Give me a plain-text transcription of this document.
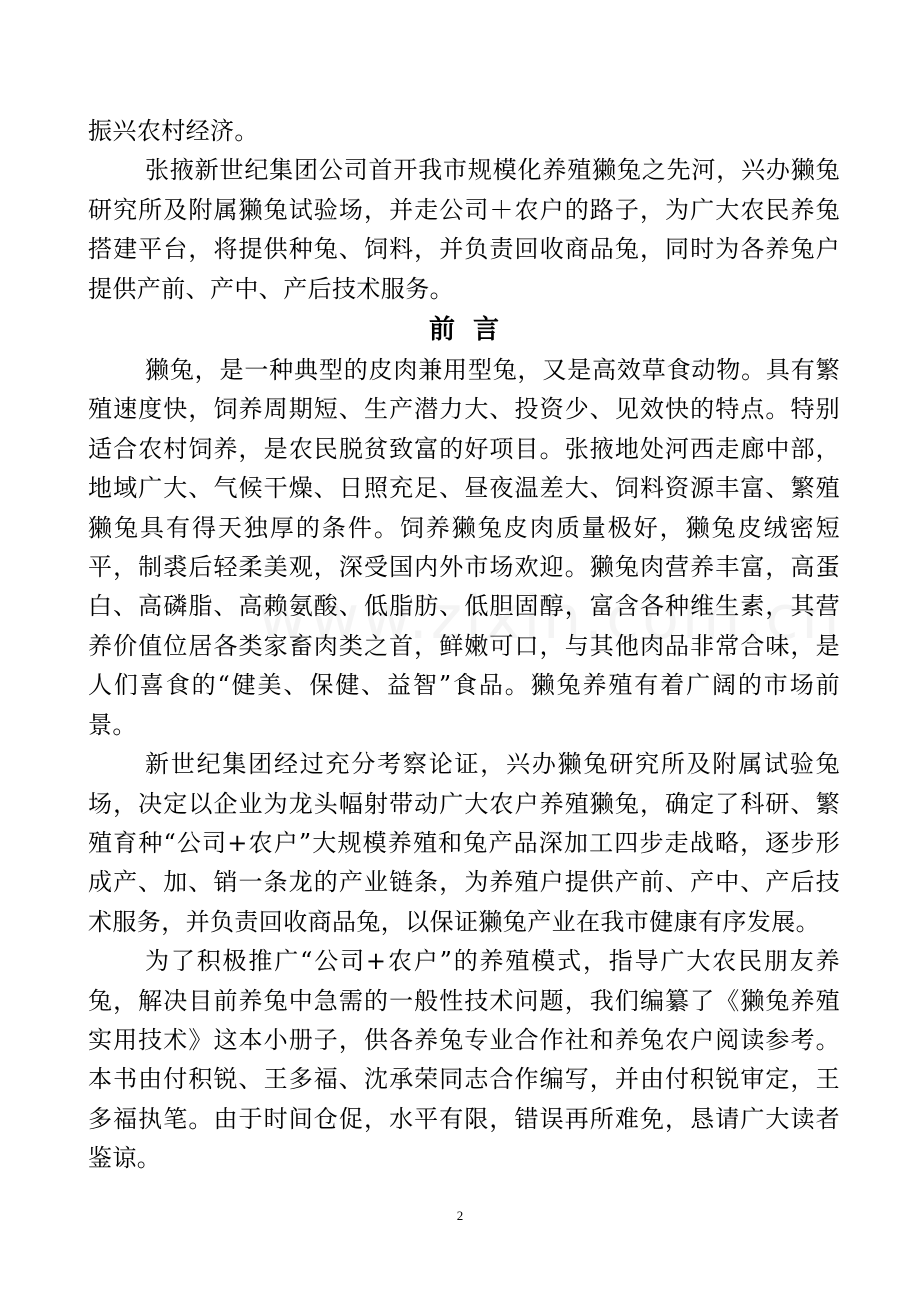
振兴农村经济。

张掖新世纪集团公司首开我市规模化养殖獭兔之先河，兴办獭兔研究所及附属獭兔试验场，并走公司＋农户的路子，为广大农民养兔搭建平台，将提供种兔、饲料，并负责回收商品兔，同时为各养兔户提供产前、产中、产后技术服务。

前言

獭兔，是一种典型的皮肉兼用型兔，又是高效草食动物。具有繁殖速度快，饲养周期短、生产潜力大、投资少、见效快的特点。特别适合农村饲养，是农民脱贫致富的好项目。张掖地处河西走廊中部，地域广大、气候干燥、日照充足、昼夜温差大、饲料资源丰富、繁殖獭兔具有得天独厚的条件。饲养獭兔皮肉质量极好，獭兔皮绒密短平，制裘后轻柔美观，深受国内外市场欢迎。獭兔肉营养丰富，高蛋白、高磷脂、高赖氨酸、低脂肪、低胆固醇，富含各种维生素，其营养价值位居各类家畜肉类之首，鲜嫩可口，与其他肉品非常合味，是人们喜食的“健美、保健、益智”食品。獭兔养殖有着广阔的市场前景。

新世纪集团经过充分考察论证，兴办獭兔研究所及附属试验兔场，决定以企业为龙头幅射带动广大农户养殖獭兔，确定了科研、繁殖育种“公司+农户”大规模养殖和兔产品深加工四步走战略，逐步形成产、加、销一条龙的产业链条，为养殖户提供产前、产中、产后技术服务，并负责回收商品兔，以保证獭兔产业在我市健康有序发展。

为了积极推广“公司+农户”的养殖模式，指导广大农民朋友养兔，解决目前养兔中急需的一般性技术问题，我们编纂了《獭兔养殖实用技术》这本小册子，供各养兔专业合作社和养兔农户阅读参考。本书由付积锐、王多福、沈承荣同志合作编写，并由付积锐审定，王多福执笔。由于时间仓促，水平有限，错误再所难免，恳请广大读者鉴谅。

2
